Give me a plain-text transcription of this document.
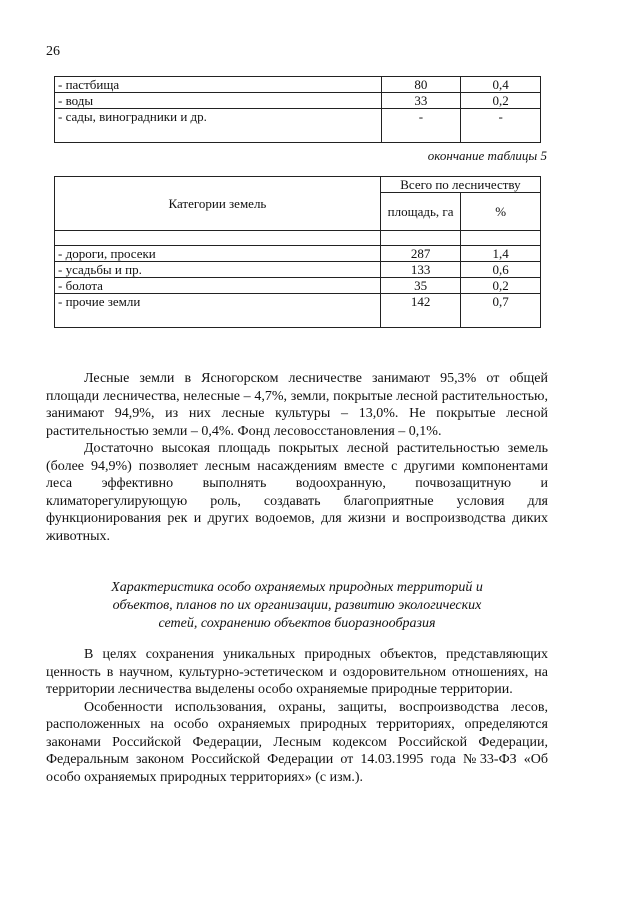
26
- пастбища	80	0,4
- воды	33	0,2
- сады, виноградники и др.	-	-
окончание таблицы 5
Категории земель	Всего по лесничеству	
	площадь, га	%

- дороги, просеки	287	1,4
- усадьбы и пр.	133	0,6
- болота	35	0,2
- прочие земли	142	0,7

Лесные земли в Ясногорском лесничестве занимают 95,3% от общей площади лесничества, нелесные – 4,7%, земли, покрытые лесной растительностью, занимают 94,9%, из них лесные культуры – 13,0%. Не покрытые лесной растительностью земли – 0,4%. Фонд лесовосстановления – 0,1%.

Достаточно высокая площадь покрытых лесной растительностью земель (более 94,9%) позволяет лесным насаждениям вместе с другими компонентами леса эффективно выполнять водоохранную, почвозащитную и климаторегулирующую роль, создавать благоприятные условия для функционирования рек и других водоемов, для жизни и воспроизводства диких животных.

Характеристика особо охраняемых природных территорий и
объектов, планов по их организации, развитию экологических
сетей, сохранению объектов биоразнообразия

В целях сохранения уникальных природных объектов, представляющих ценность в научном, культурно-эстетическом и оздоровительном отношениях, на территории лесничества выделены особо охраняемые природные территории.

Особенности использования, охраны, защиты, воспроизводства лесов, расположенных на особо охраняемых природных территориях, определяются законами Российской Федерации, Лесным кодексом Российской Федерации, Федеральным законом Российской Федерации от 14.03.1995 года №33-ФЗ «Об особо охраняемых природных территориях» (с изм.).
